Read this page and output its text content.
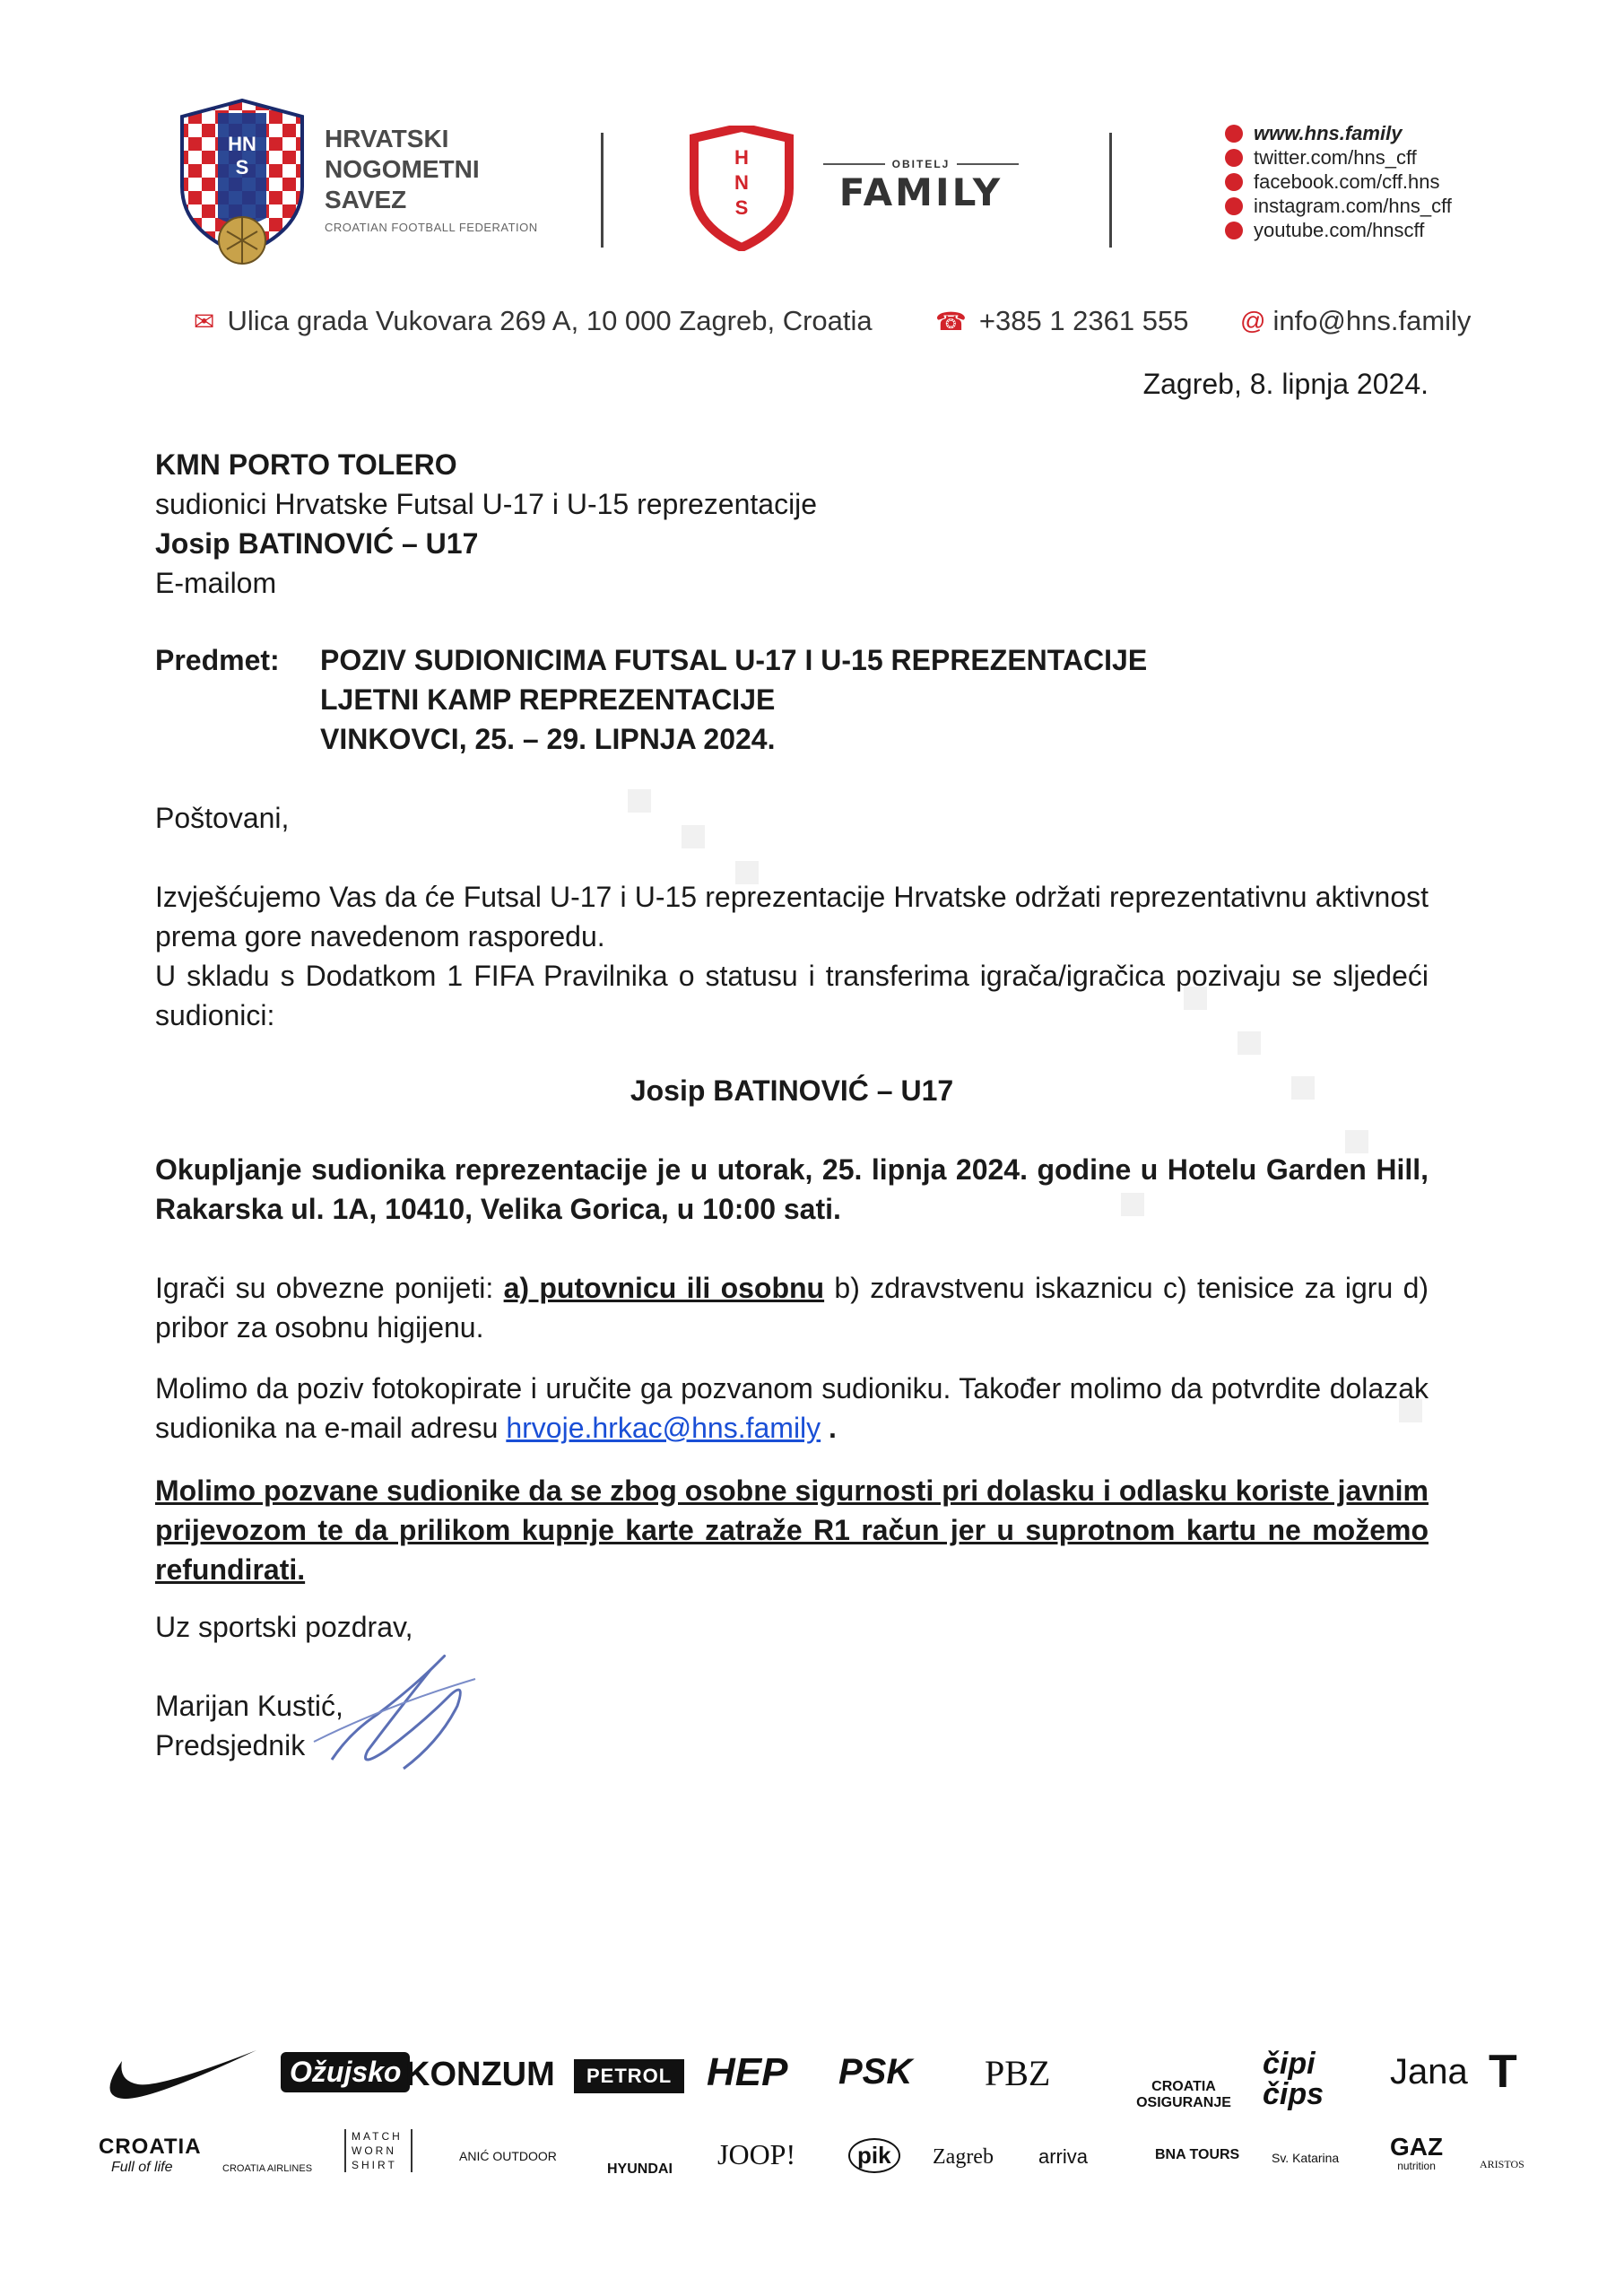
HNS
HRVATSKI
NOGOMETNI
SAVEZ
CROATIAN FOOTBALL FEDERATION
HNS
OBITELJ
FAMILY
www.hns.family
twitter.com/hns_cff
facebook.com/cff.hns
instagram.com/hns_cff
youtube.com/hnscff
✉ Ulica grada Vukovara 269 A, 10 000 Zagreb, Croatia	☎ +385 1 2361 555 @ info@hns.family
Zagreb, 8. lipnja 2024.
KMN PORTO TOLERO
sudionici Hrvatske Futsal U-17 i U-15 reprezentacije
Josip BATINOVIĆ – U17
E-mailom
Predmet: POZIV SUDIONICIMA FUTSAL U-17 I U-15 REPREZENTACIJE
LJETNI KAMP REPREZENTACIJE
VINKOVCI, 25. – 29. LIPNJA 2024.
Poštovani,
Izvješćujemo Vas da će Futsal U-17 i U-15 reprezentacije Hrvatske održati reprezentativnu aktivnost prema gore navedenom rasporedu.
U skladu s Dodatkom 1 FIFA Pravilnika o statusu i transferima igrača/igračica pozivaju se sljedeći sudionici:
Josip BATINOVIĆ – U17
Okupljanje sudionika reprezentacije je u utorak, 25. lipnja 2024. godine u Hotelu Garden Hill, Rakarska ul. 1A, 10410, Velika Gorica, u 10:00 sati.
Igrači su obvezne ponijeti: a) putovnicu ili osobnu b) zdravstvenu iskaznicu c) tenisice za igru d) pribor za osobnu higijenu.
Molimo da poziv fotokopirate i uručite ga pozvanom sudioniku. Također molimo da potvrdite dolazak sudionika na e-mail adresu hrvoje.hrkac@hns.family .
Molimo pozvane sudionike da se zbog osobne sigurnosti pri dolasku i odlasku koriste javnim prijevozom te da prilikom kupnje karte zatraže R1 račun jer u suprotnom kartu ne možemo refundirati.
Uz sportski pozdrav,
Marijan Kustić,
Predsjednik
Ožujsko KONZUM	PETROL HEP PSK PBZ	CROATIA OSIGURANJE
čipi čips
Jana T
CROATIA
Full of life	CROATIA AIRLINES
MATCH WORN SHIRT
ANIĆ OUTDOOR
HYUNDAI JOOP!	pik	Zagreb arriva	BNA TOURS	Sv. Katarina GAZ
nutrition	ARISTOS
